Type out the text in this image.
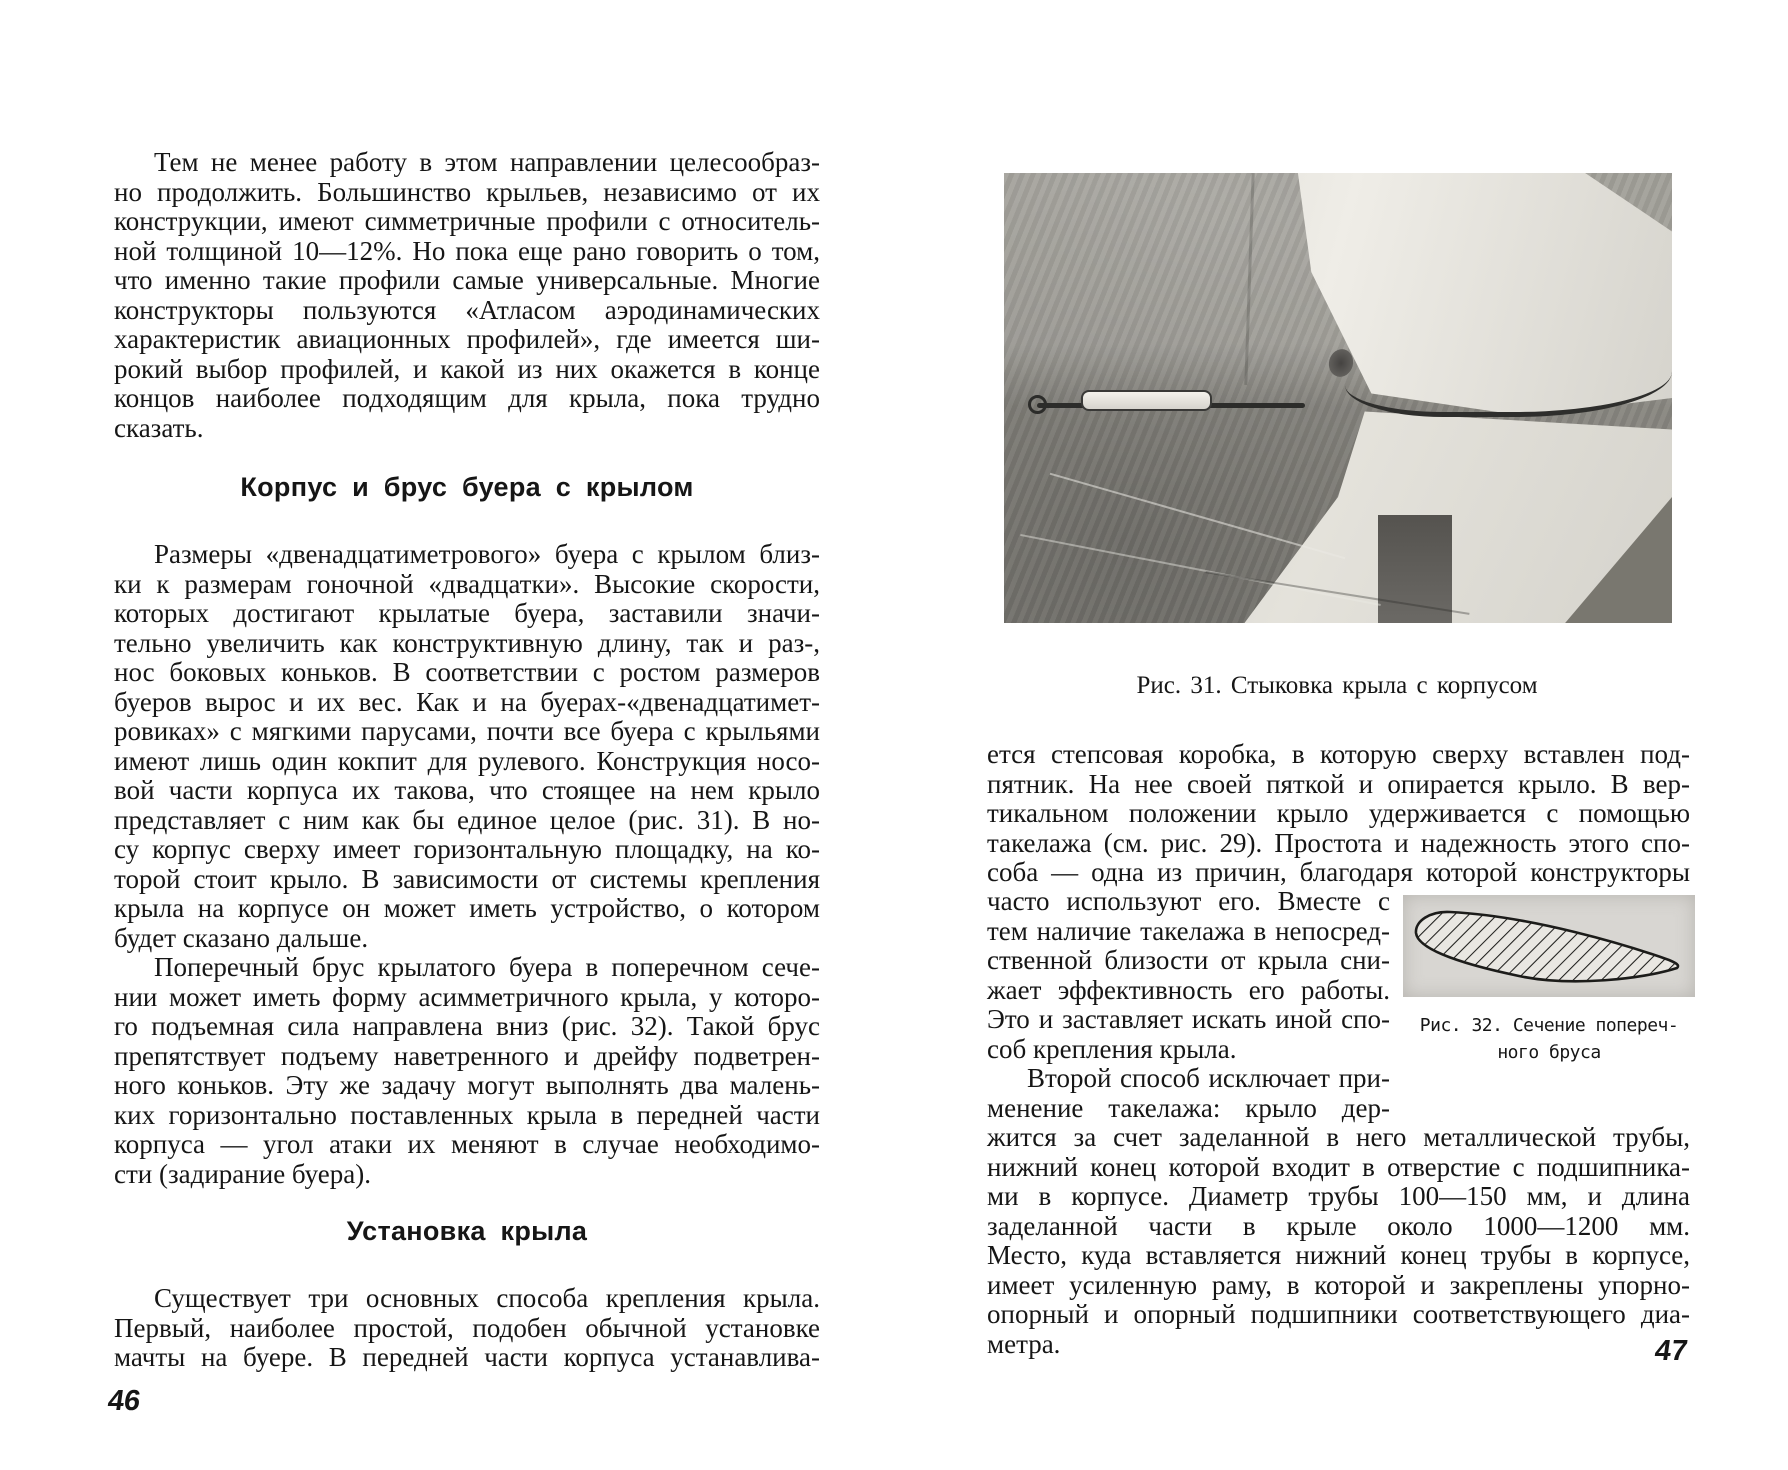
Тем не менее работу в этом направлении целесообраз-
но продолжить. Большинство крыльев, независимо от их
конструкции, имеют симметричные профили с относитель-
ной толщиной 10—12%. Но пока еще рано говорить о том,
что именно такие профили самые универсальные. Многие
конструкторы пользуются «Атласом аэродинамических
характеристик авиационных профилей», где имеется ши-
рокий выбор профилей, и какой из них окажется в конце
концов наиболее подходящим для крыла, пока трудно
сказать.
Корпус и брус буера с крылом
Размеры «двенадцатиметрового» буера с крылом близ-
ки к размерам гоночной «двадцатки». Высокие скорости,
которых достигают крылатые буера, заставили значи-
тельно увеличить как конструктивную длину, так и раз-,
нос боковых коньков. В соответствии с ростом размеров
буеров вырос и их вес. Как и на буерах-«двенадцатимет-
ровиках» с мягкими парусами, почти все буера с крыльями
имеют лишь один кокпит для рулевого. Конструкция носо-
вой части корпуса их такова, что стоящее на нем крыло
представляет с ним как бы единое целое (рис. 31). В но-
су корпус сверху имеет горизонтальную площадку, на ко-
торой стоит крыло. В зависимости от системы крепления
крыла на корпусе он может иметь устройство, о котором
будет сказано дальше.
Поперечный брус крылатого буера в поперечном сече-
нии может иметь форму асимметричного крыла, у которо-
го подъемная сила направлена вниз (рис. 32). Такой брус
препятствует подъему наветренного и дрейфу подветрен-
ного коньков. Эту же задачу могут выполнять два малень-
ких горизонтально поставленных крыла в передней части
корпуса — угол атаки их меняют в случае необходимо-
сти (задирание буера).
Установка крыла
Существует три основных способа крепления крыла.
Первый, наиболее простой, подобен обычной установке
мачты на буере. В передней части корпуса устанавлива-
46
Рис. 31. Стыковка крыла с корпусом
ется степсовая коробка, в которую сверху вставлен под-
пятник. На нее своей пяткой и опирается крыло. В вер-
тикальном положении крыло удерживается с помощью
такелажа (см. рис. 29). Простота и надежность этого спо-
соба — одна из причин, благодаря которой конструкторы
часто используют его. Вместе с
тем наличие такелажа в непосред-
ственной близости от крыла сни-
жает эффективность его работы.
Это и заставляет искать иной спо-
соб крепления крыла.
Второй способ исключает при-
менение такелажа: крыло дер-
жится за счет заделанной в него металлической трубы,
нижний конец которой входит в отверстие с подшипника-
ми в корпусе. Диаметр трубы 100—150 мм, и длина
заделанной части в крыле около 1000—1200 мм.
Место, куда вставляется нижний конец трубы в корпусе,
имеет усиленную раму, в которой и закреплены упорно-
опорный и опорный подшипники соответствующего диа-
метра.
Рис. 32. Сечение попереч-
ного бруса
47
